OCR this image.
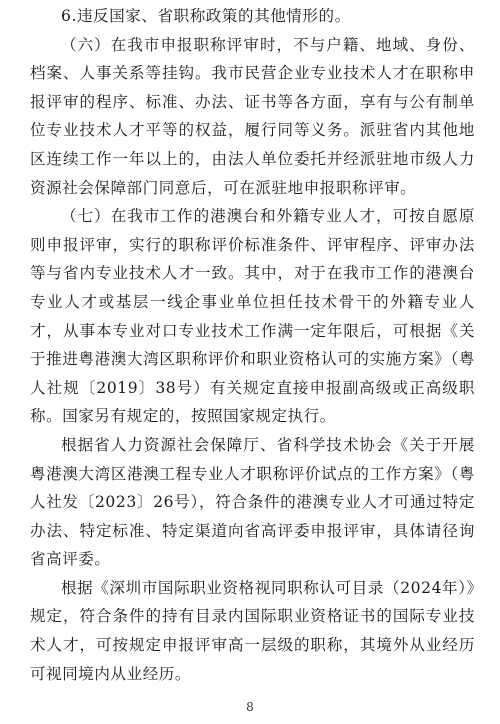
6.违反国家、省职称政策的其他情形的。

（六）在我市申报职称评审时，不与户籍、地域、身份、档案、人事关系等挂钩。我市民营企业专业技术人才在职称申报评审的程序、标准、办法、证书等各方面，享有与公有制单位专业技术人才平等的权益，履行同等义务。派驻省内其他地区连续工作一年以上的，由法人单位委托并经派驻地市级人力资源社会保障部门同意后，可在派驻地申报职称评审。

（七）在我市工作的港澳台和外籍专业人才，可按自愿原则申报评审，实行的职称评价标准条件、评审程序、评审办法等与省内专业技术人才一致。其中，对于在我市工作的港澳台专业人才或基层一线企事业单位担任技术骨干的外籍专业人才，从事本专业对口专业技术工作满一定年限后，可根据《关于推进粤港澳大湾区职称评价和职业资格认可的实施方案》（粤人社规〔2019〕38号）有关规定直接申报副高级或正高级职称。国家另有规定的，按照国家规定执行。

根据省人力资源社会保障厅、省科学技术协会《关于开展粤港澳大湾区港澳工程专业人才职称评价试点的工作方案》（粤人社发〔2023〕26号），符合条件的港澳专业人才可通过特定办法、特定标准、特定渠道向省高评委申报评审，具体请径询省高评委。

根据《深圳市国际职业资格视同职称认可目录（2024年）》规定，符合条件的持有目录内国际职业资格证书的国际专业技术人才，可按规定申报评审高一层级的职称，其境外从业经历可视同境内从业经历。

8
